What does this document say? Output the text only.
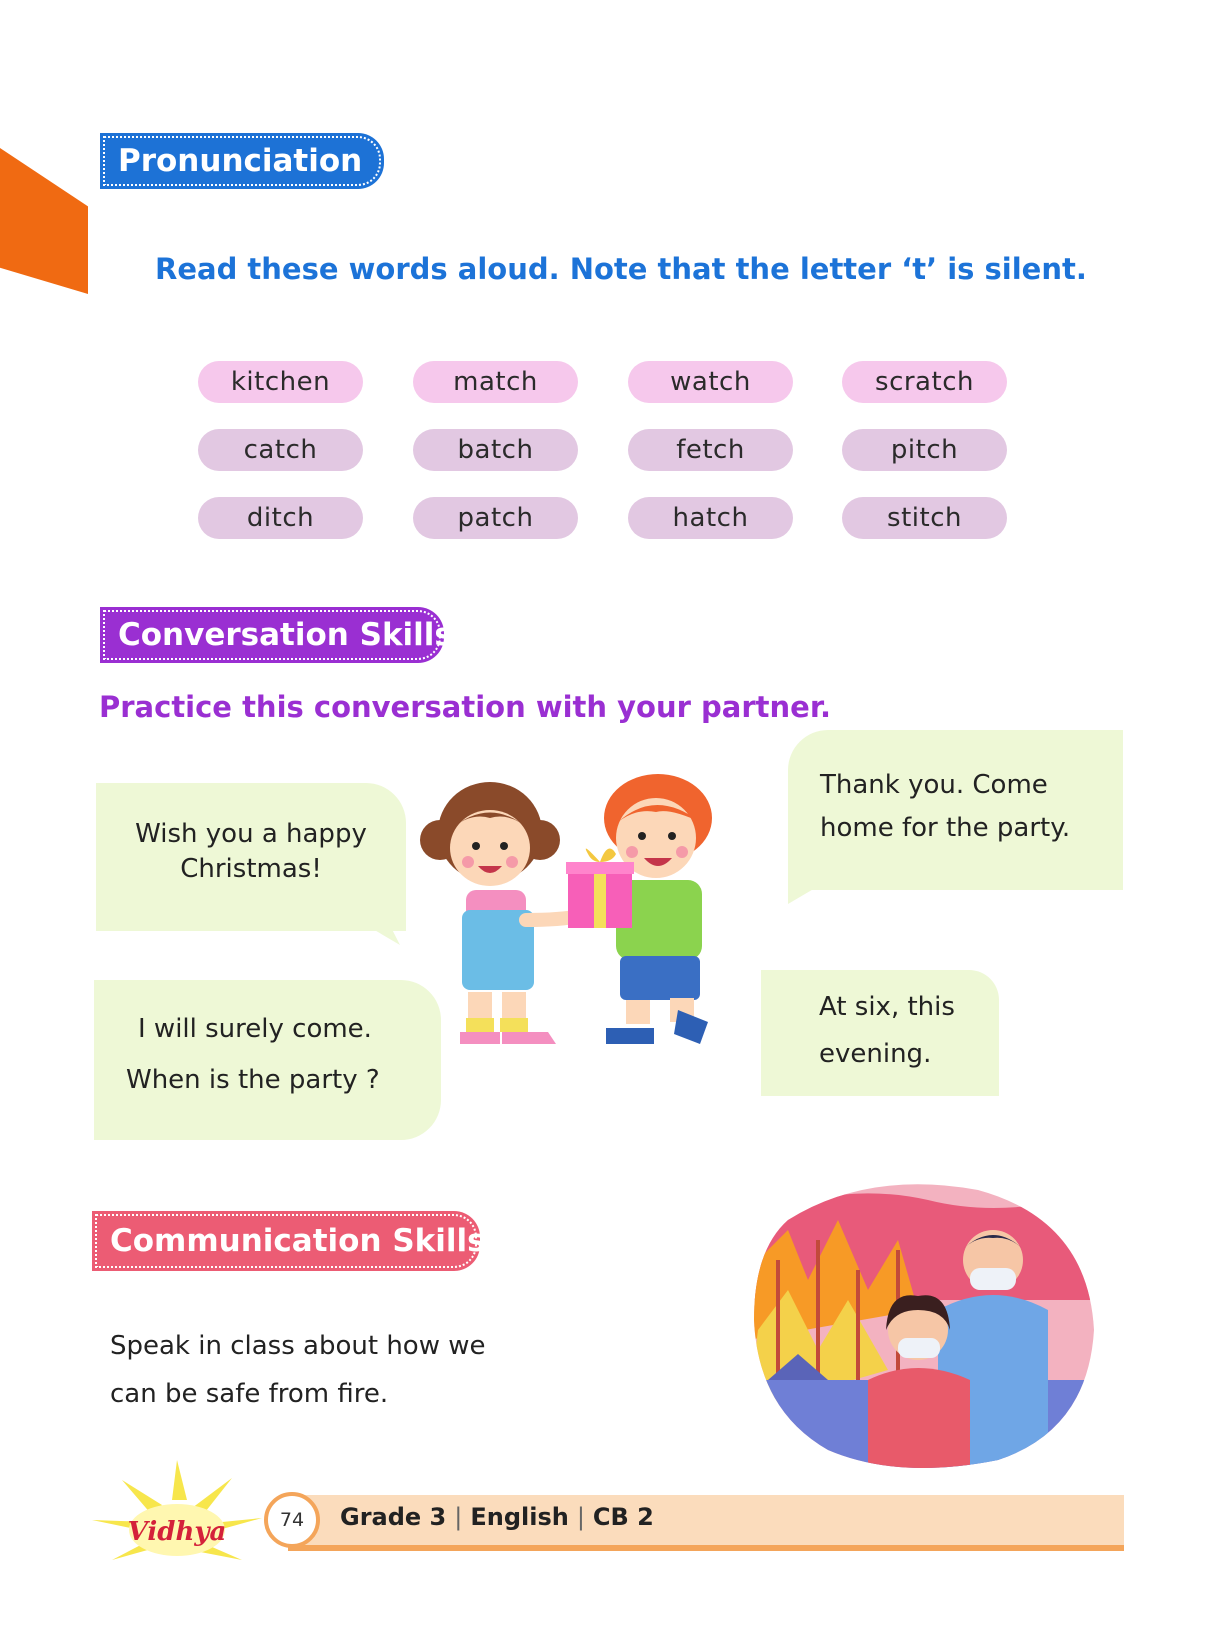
Pronunciation
Read these words aloud. Note that the letter ‘t’ is silent.
kitchen	match	watch	scratch
catch	batch	fetch	pitch
ditch	patch	hatch	stitch
Conversation Skills
Practice this conversation with your partner.
Wish you a happy
Christmas!
Thank you. Come
home for the party.
I will surely come.
When is the party ?
At six, this
evening.
Communication Skills
Speak in class about how we
can be safe from fire.
Vidhya	74	Grade 3 | English | CB 2
